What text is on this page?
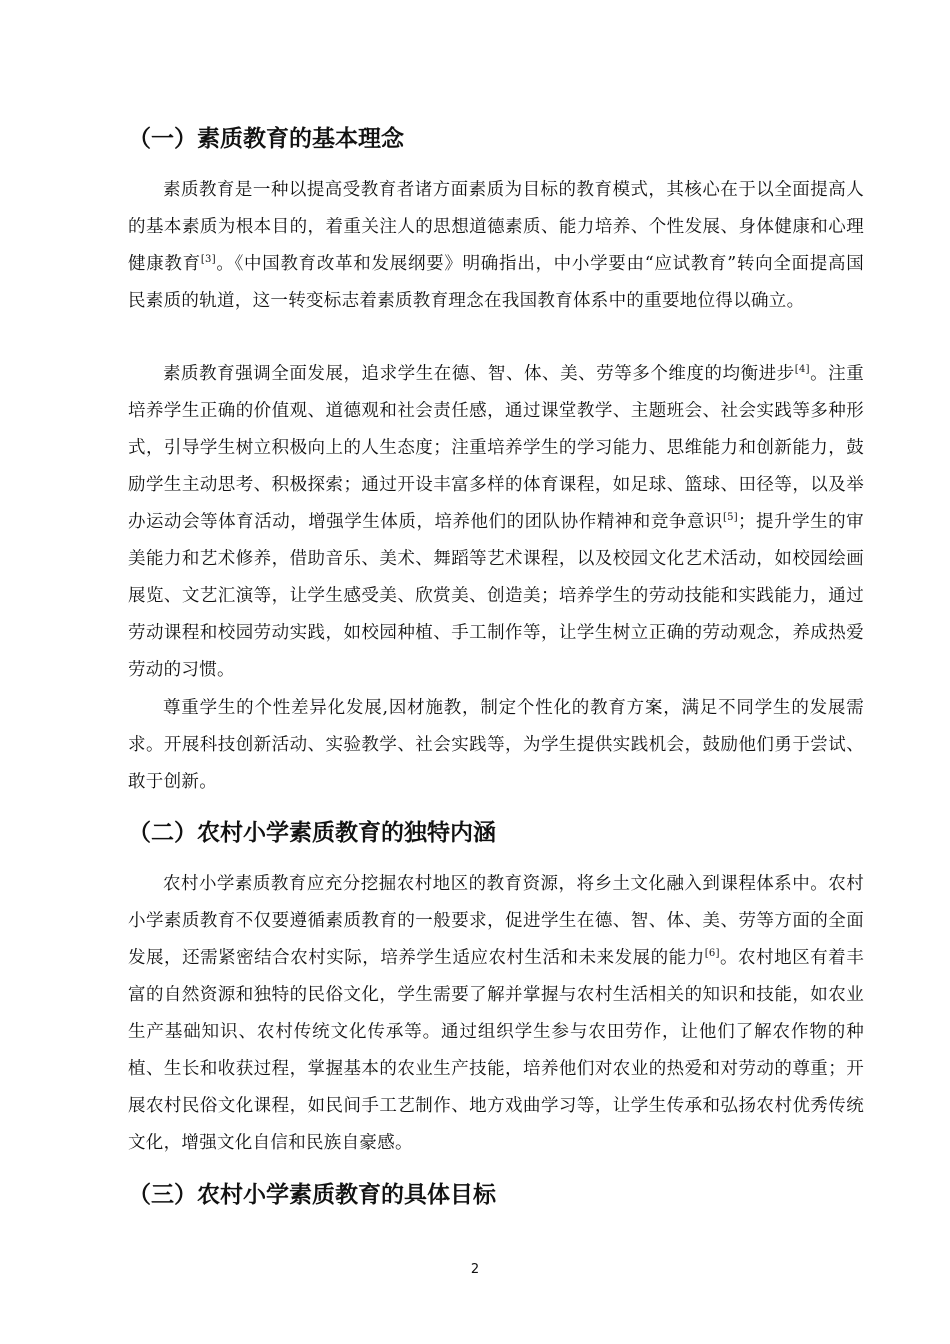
（一）素质教育的基本理念

素质教育是一种以提高受教育者诸方面素质为目标的教育模式，其核心在于以全面提高人的基本素质为根本目的，着重关注人的思想道德素质、能力培养、个性发展、身体健康和心理健康教育[3]。《中国教育改革和发展纲要》明确指出，中小学要由“应试教育”转向全面提高国民素质的轨道，这一转变标志着素质教育理念在我国教育体系中的重要地位得以确立。

素质教育强调全面发展，追求学生在德、智、体、美、劳等多个维度的均衡进步[4]。注重培养学生正确的价值观、道德观和社会责任感，通过课堂教学、主题班会、社会实践等多种形式，引导学生树立积极向上的人生态度；注重培养学生的学习能力、思维能力和创新能力，鼓励学生主动思考、积极探索；通过开设丰富多样的体育课程，如足球、篮球、田径等，以及举办运动会等体育活动，增强学生体质，培养他们的团队协作精神和竞争意识[5]；提升学生的审美能力和艺术修养，借助音乐、美术、舞蹈等艺术课程，以及校园文化艺术活动，如校园绘画展览、文艺汇演等，让学生感受美、欣赏美、创造美；培养学生的劳动技能和实践能力，通过劳动课程和校园劳动实践，如校园种植、手工制作等，让学生树立正确的劳动观念，养成热爱劳动的习惯。

尊重学生的个性差异化发展,因材施教，制定个性化的教育方案，满足不同学生的发展需求。开展科技创新活动、实验教学、社会实践等，为学生提供实践机会，鼓励他们勇于尝试、敢于创新。

（二）农村小学素质教育的独特内涵

农村小学素质教育应充分挖掘农村地区的教育资源，将乡土文化融入到课程体系中。农村小学素质教育不仅要遵循素质教育的一般要求，促进学生在德、智、体、美、劳等方面的全面发展，还需紧密结合农村实际，培养学生适应农村生活和未来发展的能力[6]。农村地区有着丰富的自然资源和独特的民俗文化，学生需要了解并掌握与农村生活相关的知识和技能，如农业生产基础知识、农村传统文化传承等。通过组织学生参与农田劳作，让他们了解农作物的种植、生长和收获过程，掌握基本的农业生产技能，培养他们对农业的热爱和对劳动的尊重；开展农村民俗文化课程，如民间手工艺制作、地方戏曲学习等，让学生传承和弘扬农村优秀传统文化，增强文化自信和民族自豪感。

（三）农村小学素质教育的具体目标
2
